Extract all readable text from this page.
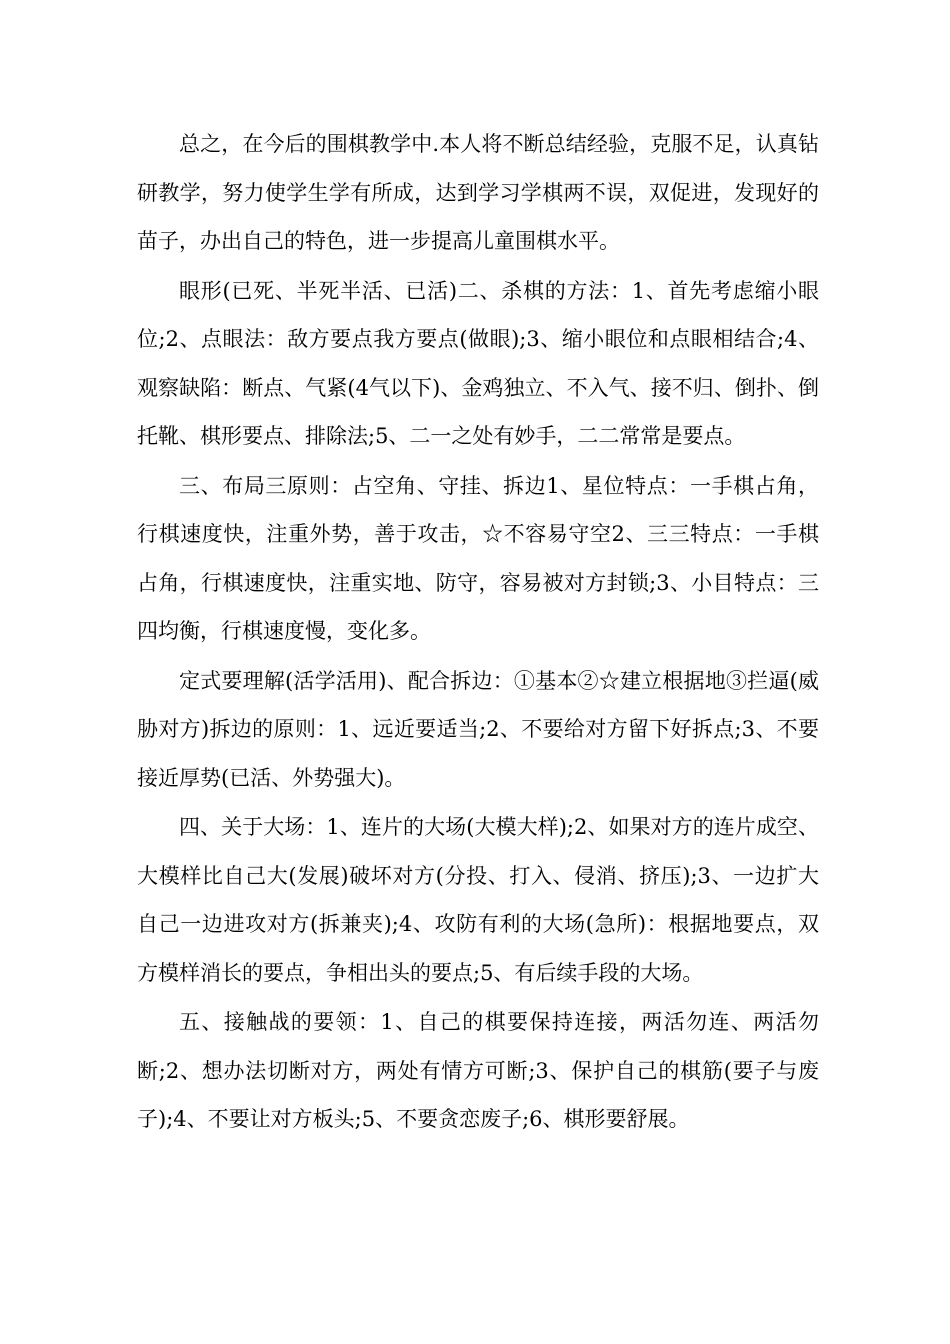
总之，在今后的围棋教学中.本人将不断总结经验，克服不足，认真钻研教学，努力使学生学有所成，达到学习学棋两不误，双促进，发现好的苗子，办出自己的特色，进一步提高儿童围棋水平。

眼形(已死、半死半活、已活)二、杀棋的方法：1、首先考虑缩小眼位;2、点眼法：敌方要点我方要点(做眼);3、缩小眼位和点眼相结合;4、观察缺陷：断点、气紧(4气以下)、金鸡独立、不入气、接不归、倒扑、倒托靴、棋形要点、排除法;5、二一之处有妙手，二二常常是要点。

三、布局三原则：占空角、守挂、拆边1、星位特点：一手棋占角，行棋速度快，注重外势，善于攻击，☆不容易守空2、三三特点：一手棋占角，行棋速度快，注重实地、防守，容易被对方封锁;3、小目特点：三四均衡，行棋速度慢，变化多。

定式要理解(活学活用)、配合拆边：①基本②☆建立根据地③拦逼(威胁对方)拆边的原则：1、远近要适当;2、不要给对方留下好拆点;3、不要接近厚势(已活、外势强大)。

四、关于大场：1、连片的大场(大模大样);2、如果对方的连片成空、大模样比自己大(发展)破坏对方(分投、打入、侵消、挤压);3、一边扩大自己一边进攻对方(拆兼夹);4、攻防有利的大场(急所)：根据地要点，双方模样消长的要点，争相出头的要点;5、有后续手段的大场。

五、接触战的要领：1、自己的棋要保持连接，两活勿连、两活勿断;2、想办法切断对方，两处有情方可断;3、保护自己的棋筋(要子与废子);4、不要让对方板头;5、不要贪恋废子;6、棋形要舒展。
